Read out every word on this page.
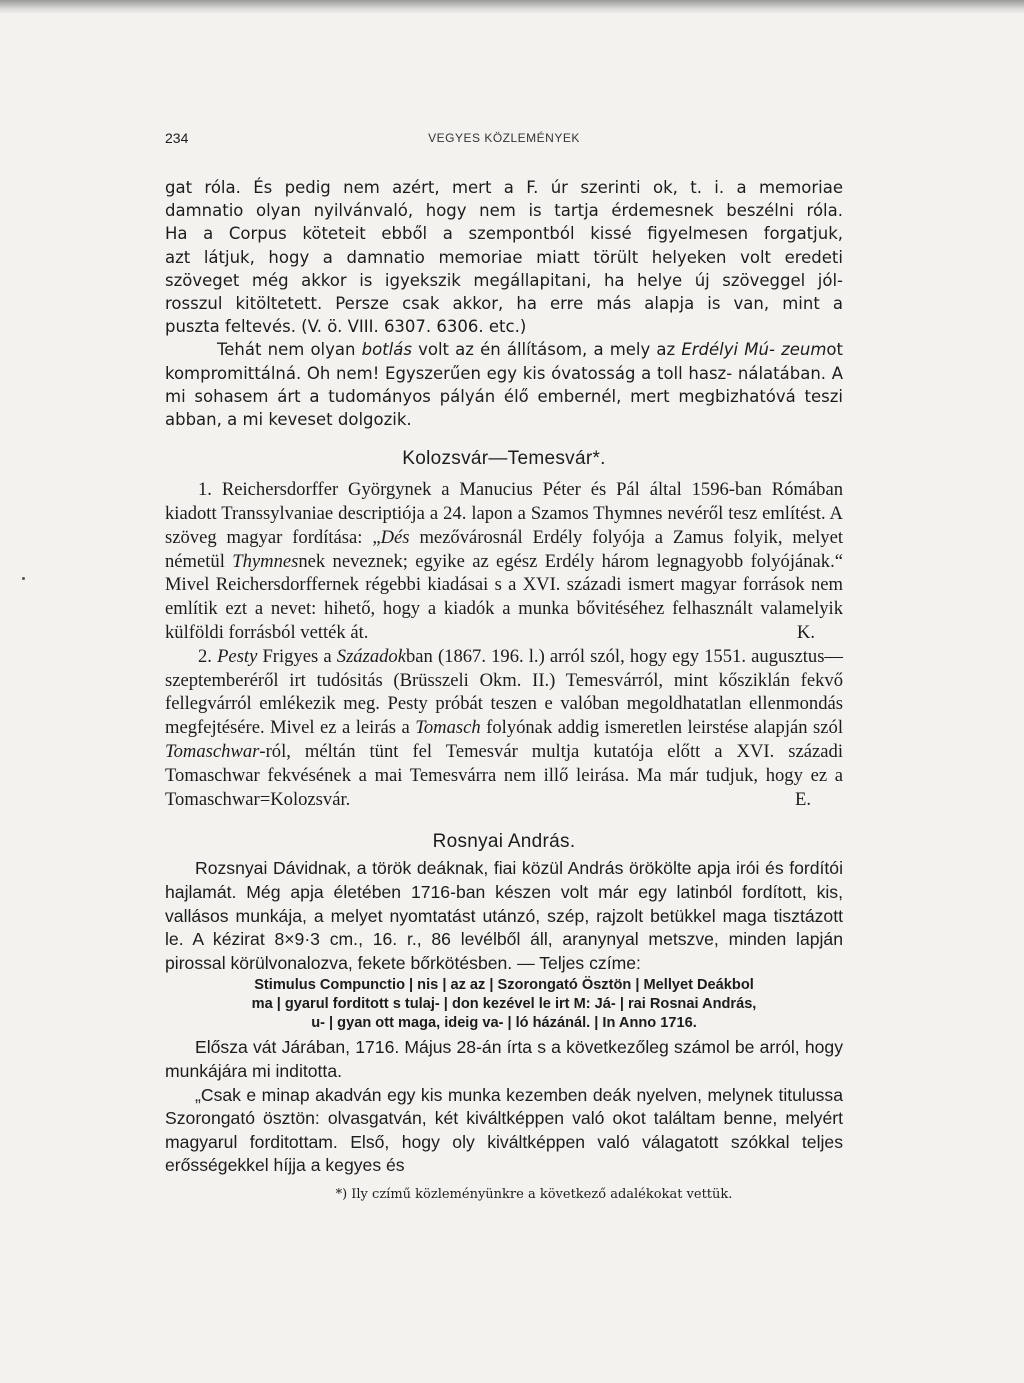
234	VEGYES KÖZLEMÉNYEK
gat róla. És pedig nem azért, mert a F. úr szerinti ok, t. i. a memoriae
damnatio olyan nyilvánvaló, hogy nem is tartja érdemesnek beszélni róla.
Ha a Corpus köteteit ebből a szempontból kissé figyelmesen forgatjuk,
azt látjuk, hogy a damnatio memoriae miatt törült helyeken volt eredeti
szöveget még akkor is igyekszik megállapitani, ha helye új szöveggel jól-
rosszul kitöltetett. Persze csak akkor, ha erre más alapja is van, mint a
puszta feltevés. (V. ö. VIII. 6307. 6306. etc.)

Tehát nem olyan botlás volt az én állításom, a mely az Erdélyi Mú- zeumot kompromittálná. Oh nem! Egyszerűen egy kis óvatosság a toll hasz- nálatában. A mi sohasem árt a tudományos pályán élő embernél, mert megbizhatóvá teszi abban, a mi keveset dolgozik.

Kolozsvár—Temesvár*.

1. Reichersdorffer Györgynek a Manucius Péter és Pál által 1596-ban Rómában kiadott Transsylvaniae descriptiója a 24. lapon a Szamos Thymnes nevéről tesz említést. A szöveg magyar fordítása: „Dés mezővárosnál Erdély folyója a Zamus folyik, melyet németül Thymnesnek neveznek; egyike az egész Erdély három legnagyobb folyójának.“ Mivel Reichersdorffernek régebbi kiadásai s a XVI. századi ismert magyar források nem említik ezt a nevet: hihető, hogy a kiadók a munka bővitéséhez felhasznált valamelyik külföldi forrásból vették át.	K.

2. Pesty Frigyes a Századokban (1867. 196. l.) arról szól, hogy egy 1551. augusztus—szeptemberéről irt tudósitás (Brüsszeli Okm. II.) Temesvárról, mint kősziklán fekvő fellegvárról emlékezik meg. Pesty próbát teszen e valóban megoldhatatlan ellenmondás megfejtésére. Mivel ez a leirás a Tomasch folyónak addig ismeretlen leirstése alapján szól Tomaschwar-ról, méltán tünt fel Temesvár multja kutatója előtt a XVI. századi Tomaschwar fekvésének a mai Temesvárra nem illő leirása. Ma már tudjuk, hogy ez a Tomaschwar=Kolozsvár.	E.

Rosnyai András.

Rozsnyai Dávidnak, a török deáknak, fiai közül András örökölte apja irói és fordítói hajlamát. Még apja életében 1716-ban készen volt már egy latinból fordított, kis, vallásos munkája, a melyet nyomtatást utánzó, szép, rajzolt betükkel maga tisztázott le. A kézirat 8×9·3 cm., 16. r., 86 levélből áll, aranynyal metszve, minden lapján pirossal körülvonalozva, fekete bőrkötésben. — Teljes czíme:

Stimulus Compunctio | nis | az az | Szorongató Ösztön | Mellyet Deákbol
ma | gyarul forditott s tulaj- | don kezével le irt M: Já- | rai Rosnai András,
u- | gyan ott maga, ideig va- | ló házánál. | In Anno 1716.

Elősza vát Járában, 1716. Május 28-án írta s a következőleg számol be arról, hogy munkájára mi inditotta.

„Csak e minap akadván egy kis munka kezemben deák nyelven, melynek titulussa Szorongató ösztön: olvasgatván, két kiváltképpen való okot találtam benne, melyért magyarul forditottam. Első, hogy oly kiváltképpen való válagatott szókkal teljes erősségekkel híjja a kegyes és

*) Ily czímű közleményünkre a következő adalékokat vettük.
